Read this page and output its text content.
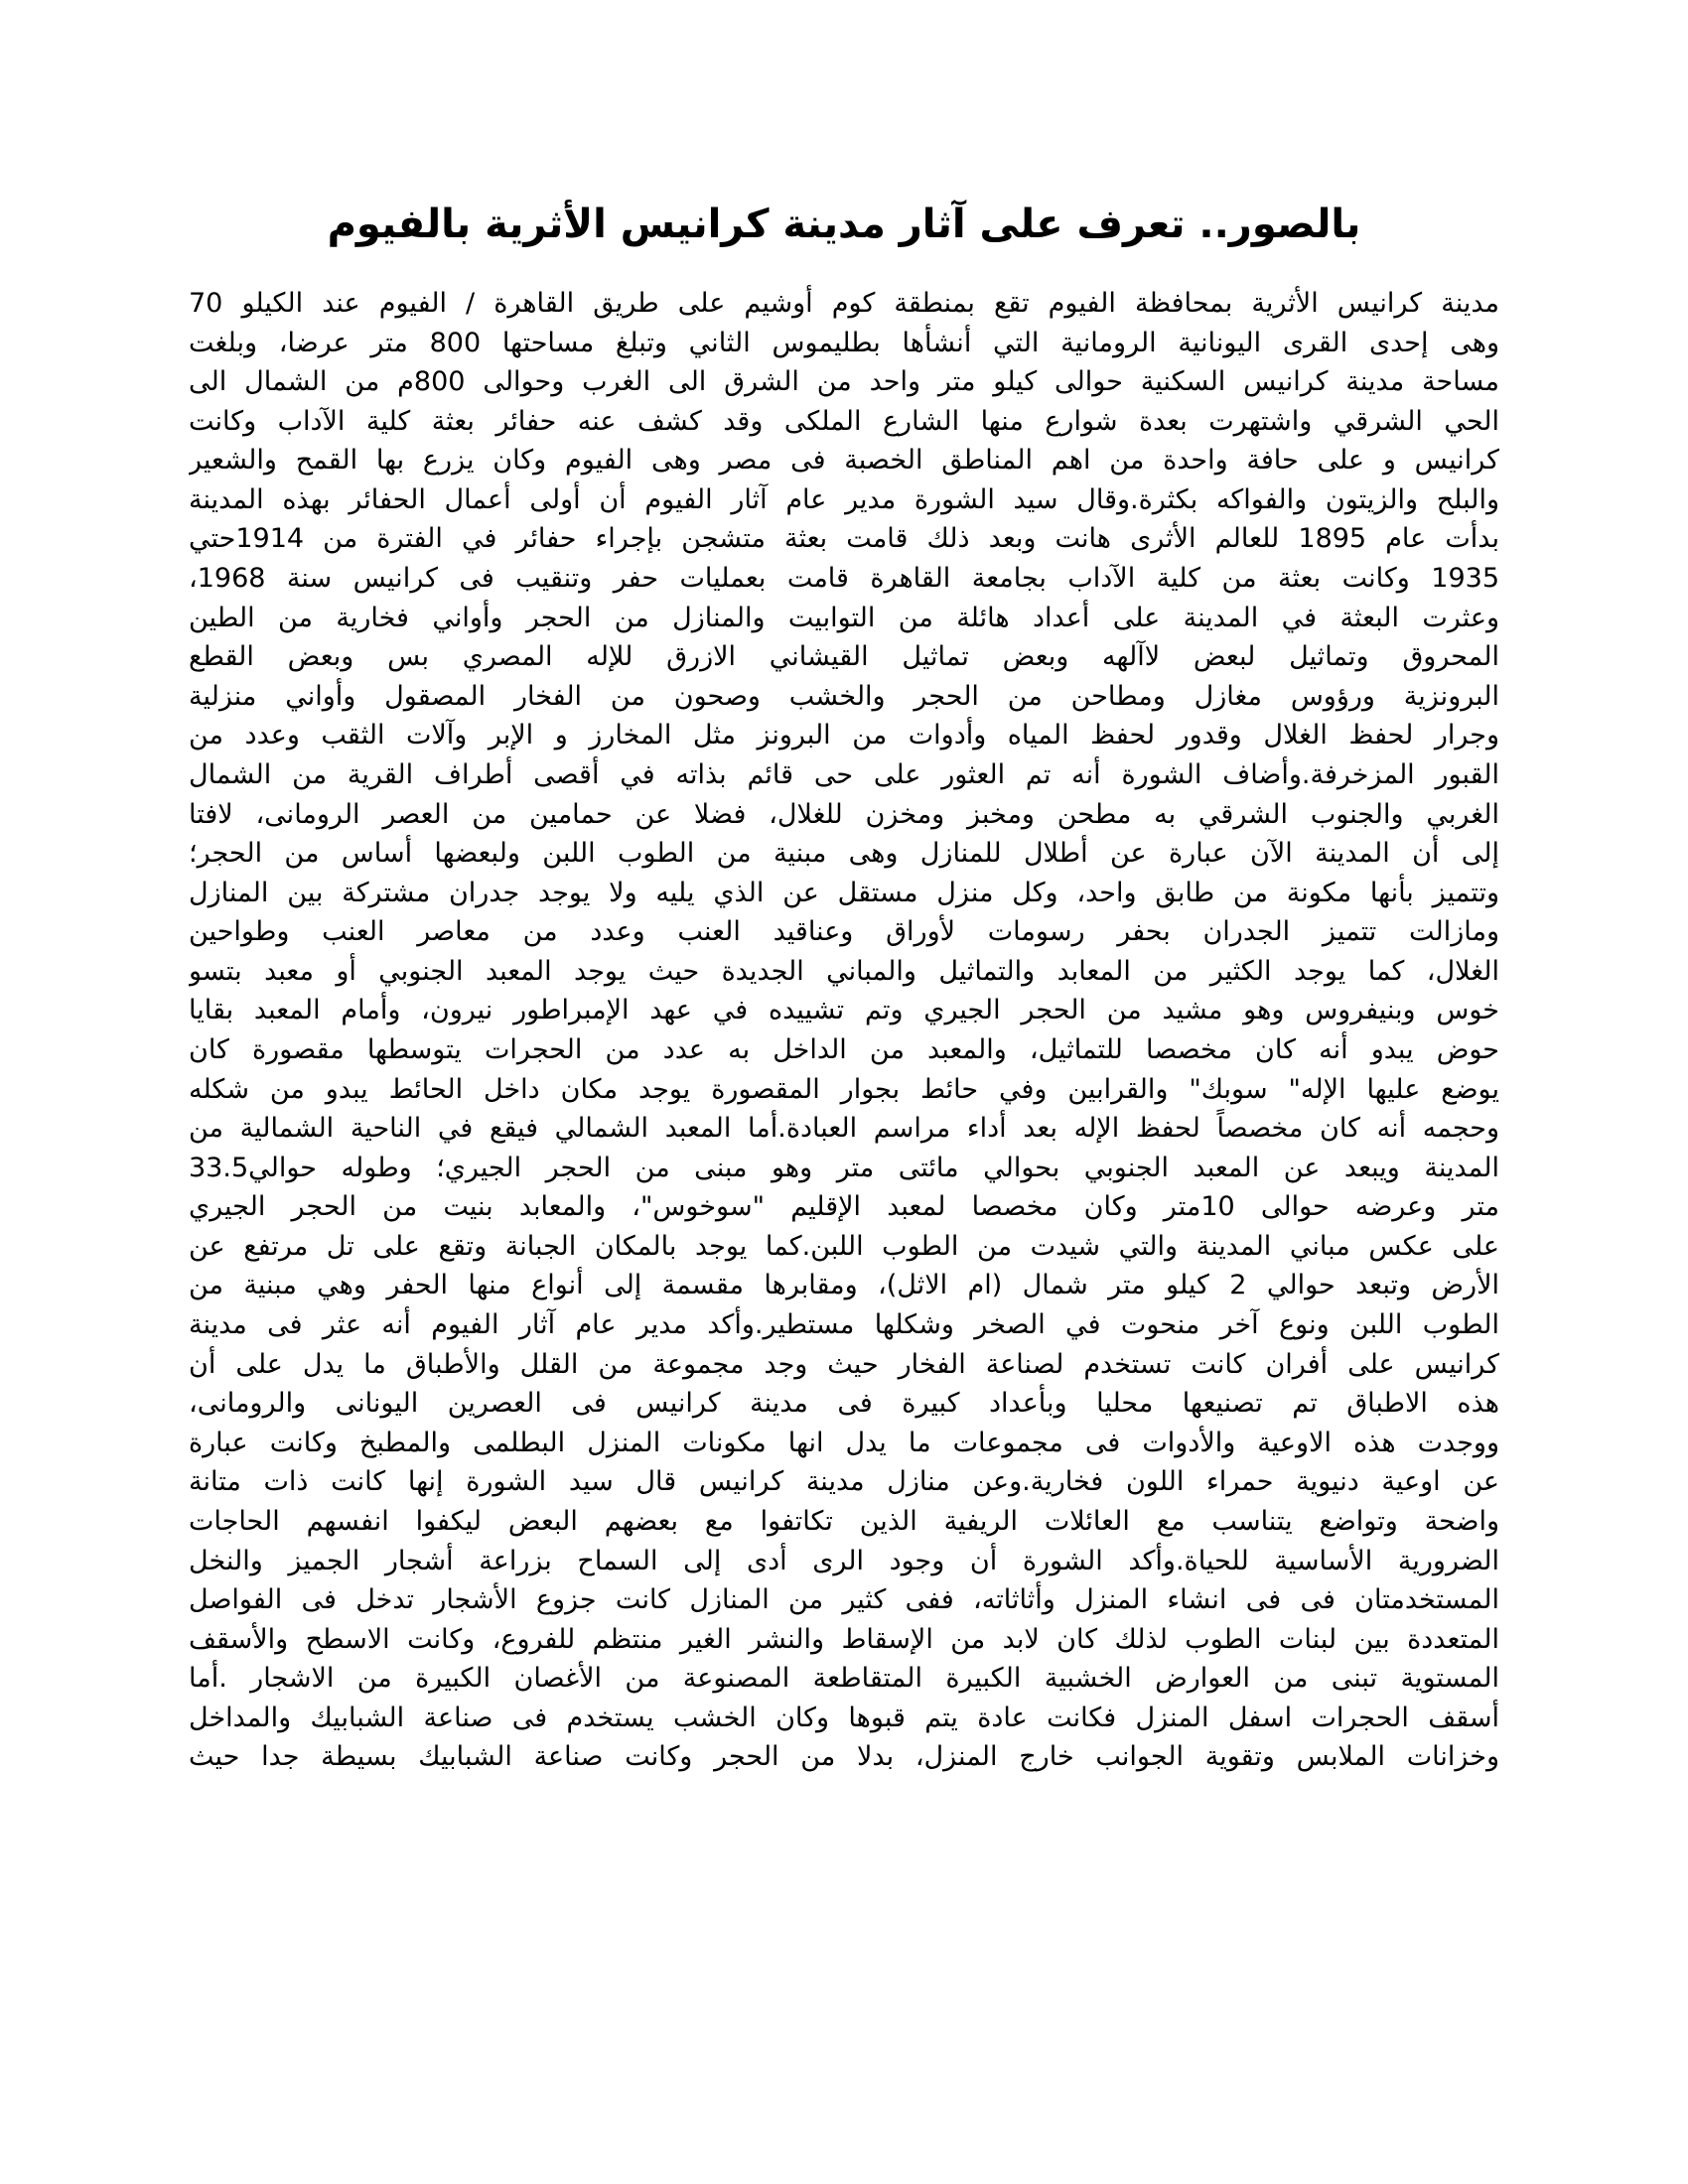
بالصور.. تعرف على آثار مدينة كرانيس الأثرية بالفيوم
مدينة كرانيس الأثرية بمحافظة الفيوم تقع بمنطقة كوم أوشيم على طريق القاهرة / الفيوم عند الكيلو 70
وهى إحدى القرى اليونانية الرومانية التي أنشأها بطليموس الثاني وتبلغ مساحتها 800 متر عرضا، وبلغت
مساحة مدينة كرانيس السكنية حوالى كيلو متر واحد من الشرق الى الغرب وحوالى 800م من الشمال الى
الحي الشرقي واشتهرت بعدة شوارع منها الشارع الملكى وقد كشف عنه حفائر بعثة كلية الآداب وكانت
كرانيس و على حافة واحدة من اهم المناطق الخصبة فى مصر وهى الفيوم وكان يزرع بها القمح والشعير
والبلح والزيتون والفواكه بكثرة.وقال سيد الشورة مدير عام آثار الفيوم أن أولى أعمال الحفائر بهذه المدينة
بدأت عام 1895 للعالم الأثرى هانت وبعد ذلك قامت بعثة متشجن بإجراء حفائر في الفترة من 1914حتي
1935 وكانت بعثة من كلية الآداب بجامعة القاهرة قامت بعمليات حفر وتنقيب فى كرانيس سنة 1968،
وعثرت البعثة في المدينة على أعداد هائلة من التوابيت والمنازل من الحجر وأواني فخارية من الطين
المحروق وتماثيل لبعض لاآلهه وبعض تماثيل القيشاني الازرق للإله المصري بس وبعض القطع
البرونزية ورؤوس مغازل ومطاحن من الحجر والخشب وصحون من الفخار المصقول وأواني منزلية
وجرار لحفظ الغلال وقدور لحفظ المياه وأدوات من البرونز مثل المخارز و الإبر وآلات الثقب وعدد من
القبور المزخرفة.وأضاف الشورة أنه تم العثور على حى قائم بذاته في أقصى أطراف القرية من الشمال
الغربي والجنوب الشرقي به مطحن ومخبز ومخزن للغلال، فضلا عن حمامين من العصر الرومانى، لافتا
إلى أن المدينة الآن عبارة عن أطلال للمنازل وهى مبنية من الطوب اللبن ولبعضها أساس من الحجر؛
وتتميز بأنها مكونة من طابق واحد، وكل منزل مستقل عن الذي يليه ولا يوجد جدران مشتركة بين المنازل
ومازالت تتميز الجدران بحفر رسومات لأوراق وعناقيد العنب وعدد من معاصر العنب وطواحين
الغلال، كما يوجد الكثير من المعابد والتماثيل والمباني الجديدة حيث يوجد المعبد الجنوبي أو معبد بتسو
خوس وبنيفروس وهو مشيد من الحجر الجيري وتم تشييده في عهد الإمبراطور نيرون، وأمام المعبد بقايا
حوض يبدو أنه كان مخصصا للتماثيل، والمعبد من الداخل به عدد من الحجرات يتوسطها مقصورة كان
يوضع عليها الإله" سوبك" والقرابين وفي حائط بجوار المقصورة يوجد مكان داخل الحائط يبدو من شكله
وحجمه أنه كان مخصصاً لحفظ الإله بعد أداء مراسم العبادة.أما المعبد الشمالي فيقع في الناحية الشمالية من
المدينة ويبعد عن المعبد الجنوبي بحوالي مائتى متر وهو مبنى من الحجر الجيري؛ وطوله حوالي33.5
متر وعرضه حوالى 10متر وكان مخصصا لمعبد الإقليم "سوخوس"، والمعابد بنيت من الحجر الجيري
على عكس مباني المدينة والتي شيدت من الطوب اللبن.كما يوجد بالمكان الجبانة وتقع على تل مرتفع عن
الأرض وتبعد حوالي 2 كيلو متر شمال (ام الاثل)، ومقابرها مقسمة إلى أنواع منها الحفر وهي مبنية من
الطوب اللبن ونوع آخر منحوت في الصخر وشكلها مستطير.وأكد مدير عام آثار الفيوم أنه عثر فى مدينة
كرانيس على أفران كانت تستخدم لصناعة الفخار حيث وجد مجموعة من القلل والأطباق ما يدل على أن
هذه الاطباق تم تصنيعها محليا وبأعداد كبيرة فى مدينة كرانيس فى العصرين اليونانى والرومانى،
ووجدت هذه الاوعية والأدوات فى مجموعات ما يدل انها مكونات المنزل البطلمى والمطبخ وكانت عبارة
عن اوعية دنيوية حمراء اللون فخارية.وعن منازل مدينة كرانيس قال سيد الشورة إنها كانت ذات متانة
واضحة وتواضع يتناسب مع العائلات الريفية الذين تكاتفوا مع بعضهم البعض ليكفوا انفسهم الحاجات
الضرورية الأساسية للحياة.وأكد الشورة أن وجود الرى أدى إلى السماح بزراعة أشجار الجميز والنخل
المستخدمتان فى فى انشاء المنزل وأثاثاته، ففى كثير من المنازل كانت جزوع الأشجار تدخل فى الفواصل
المتعددة بين لبنات الطوب لذلك كان لابد من الإسقاط والنشر الغير منتظم للفروع، وكانت الاسطح والأسقف
المستوية تبنى من العوارض الخشبية الكبيرة المتقاطعة المصنوعة من الأغصان الكبيرة من الاشجار .أما
أسقف الحجرات اسفل المنزل فكانت عادة يتم قبوها وكان الخشب يستخدم فى صناعة الشبابيك والمداخل
وخزانات الملابس وتقوية الجوانب خارج المنزل، بدلا من الحجر وكانت صناعة الشبابيك بسيطة جدا حيث
